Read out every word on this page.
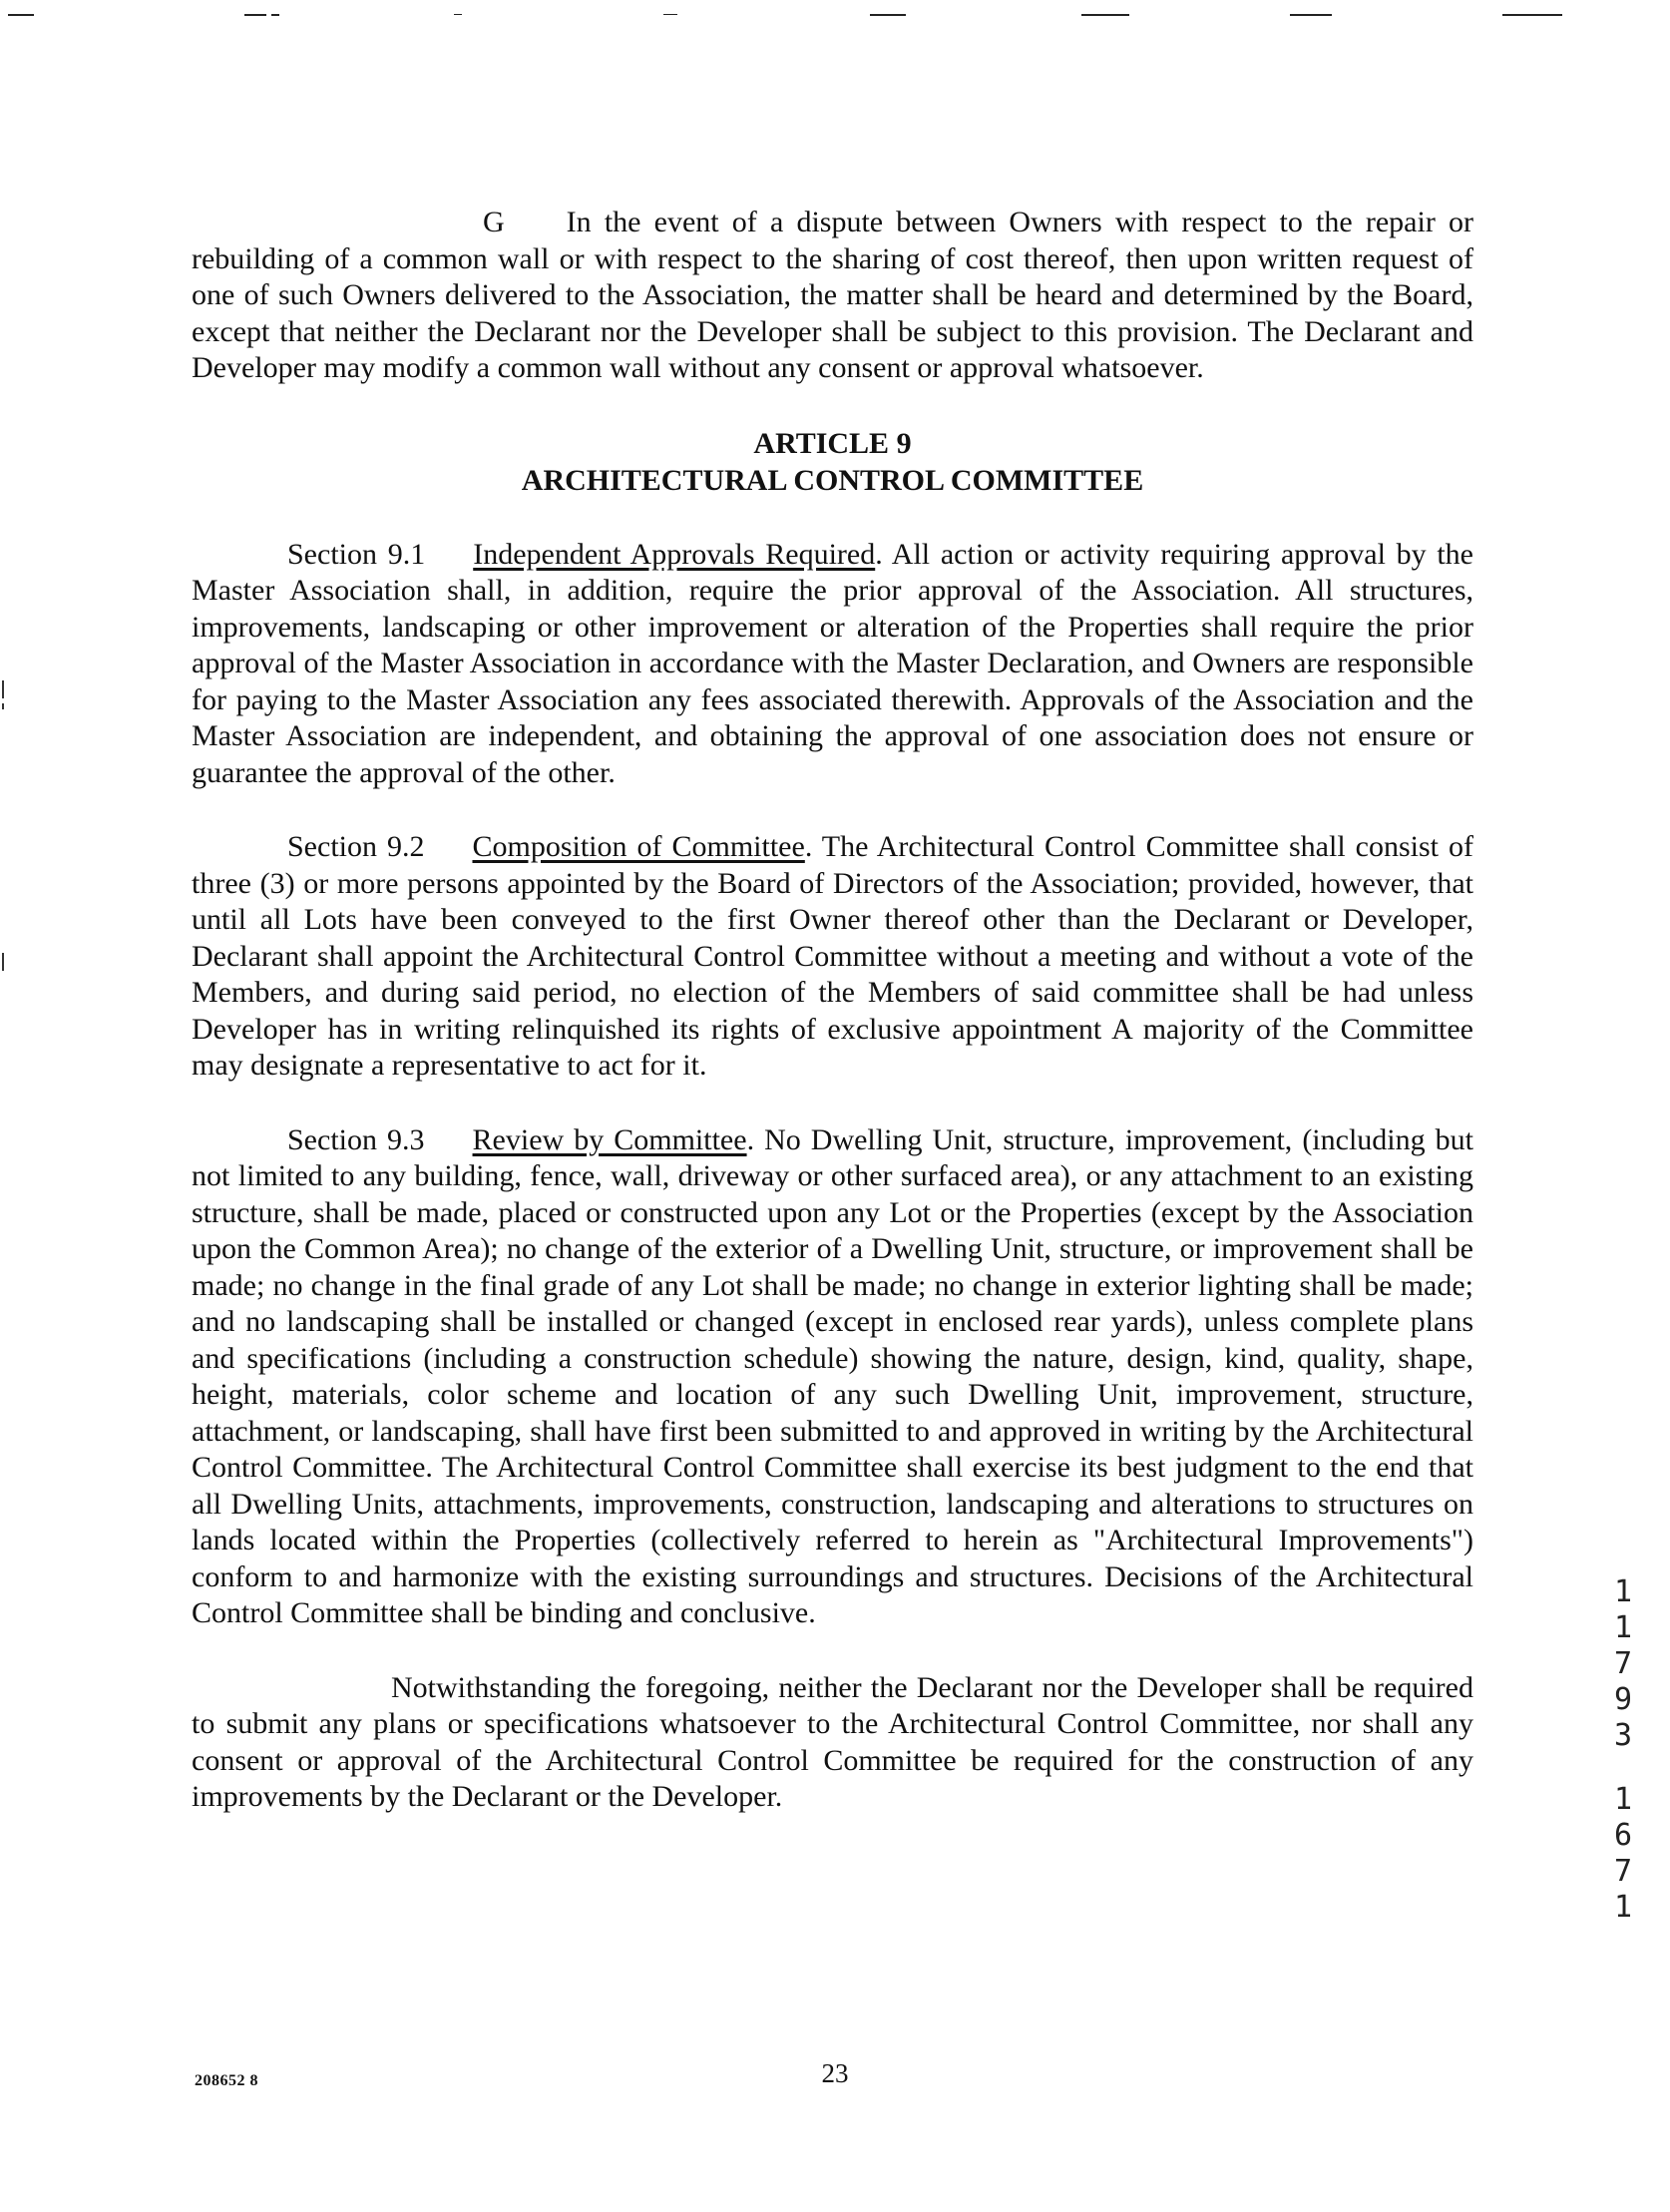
G In the event of a dispute between Owners with respect to the repair or rebuilding of a common wall or with respect to the sharing of cost thereof, then upon written request of one of such Owners delivered to the Association, the matter shall be heard and determined by the Board, except that neither the Declarant nor the Developer shall be subject to this provision. The Declarant and Developer may modify a common wall without any consent or approval whatsoever.

ARTICLE 9
ARCHITECTURAL CONTROL COMMITTEE

Section 9.1 Independent Approvals Required. All action or activity requiring approval by the Master Association shall, in addition, require the prior approval of the Association. All structures, improvements, landscaping or other improvement or alteration of the Properties shall require the prior approval of the Master Association in accordance with the Master Declaration, and Owners are responsible for paying to the Master Association any fees associated therewith. Approvals of the Association and the Master Association are independent, and obtaining the approval of one association does not ensure or guarantee the approval of the other.

Section 9.2 Composition of Committee. The Architectural Control Committee shall consist of three (3) or more persons appointed by the Board of Directors of the Association; provided, however, that until all Lots have been conveyed to the first Owner thereof other than the Declarant or Developer, Declarant shall appoint the Architectural Control Committee without a meeting and without a vote of the Members, and during said period, no election of the Members of said committee shall be had unless Developer has in writing relinquished its rights of exclusive appointment A majority of the Committee may designate a representative to act for it.

Section 9.3 Review by Committee. No Dwelling Unit, structure, improvement, (including but not limited to any building, fence, wall, driveway or other surfaced area), or any attachment to an existing structure, shall be made, placed or constructed upon any Lot or the Properties (except by the Association upon the Common Area); no change of the exterior of a Dwelling Unit, structure, or improvement shall be made; no change in the final grade of any Lot shall be made; no change in exterior lighting shall be made; and no landscaping shall be installed or changed (except in enclosed rear yards), unless complete plans and specifications (including a construction schedule) showing the nature, design, kind, quality, shape, height, materials, color scheme and location of any such Dwelling Unit, improvement, structure, attachment, or landscaping, shall have first been submitted to and approved in writing by the Architectural Control Committee. The Architectural Control Committee shall exercise its best judgment to the end that all Dwelling Units, attachments, improvements, construction, landscaping and alterations to structures on lands located within the Properties (collectively referred to herein as "Architectural Improvements") conform to and harmonize with the existing surroundings and structures. Decisions of the Architectural Control Committee shall be binding and conclusive.

Notwithstanding the foregoing, neither the Declarant nor the Developer shall be required to submit any plans or specifications whatsoever to the Architectural Control Committee, nor shall any consent or approval of the Architectural Control Committee be required for the construction of any improvements by the Declarant or the Developer.

1
1
7
9
3
1
6
7
1
208652 8	23
